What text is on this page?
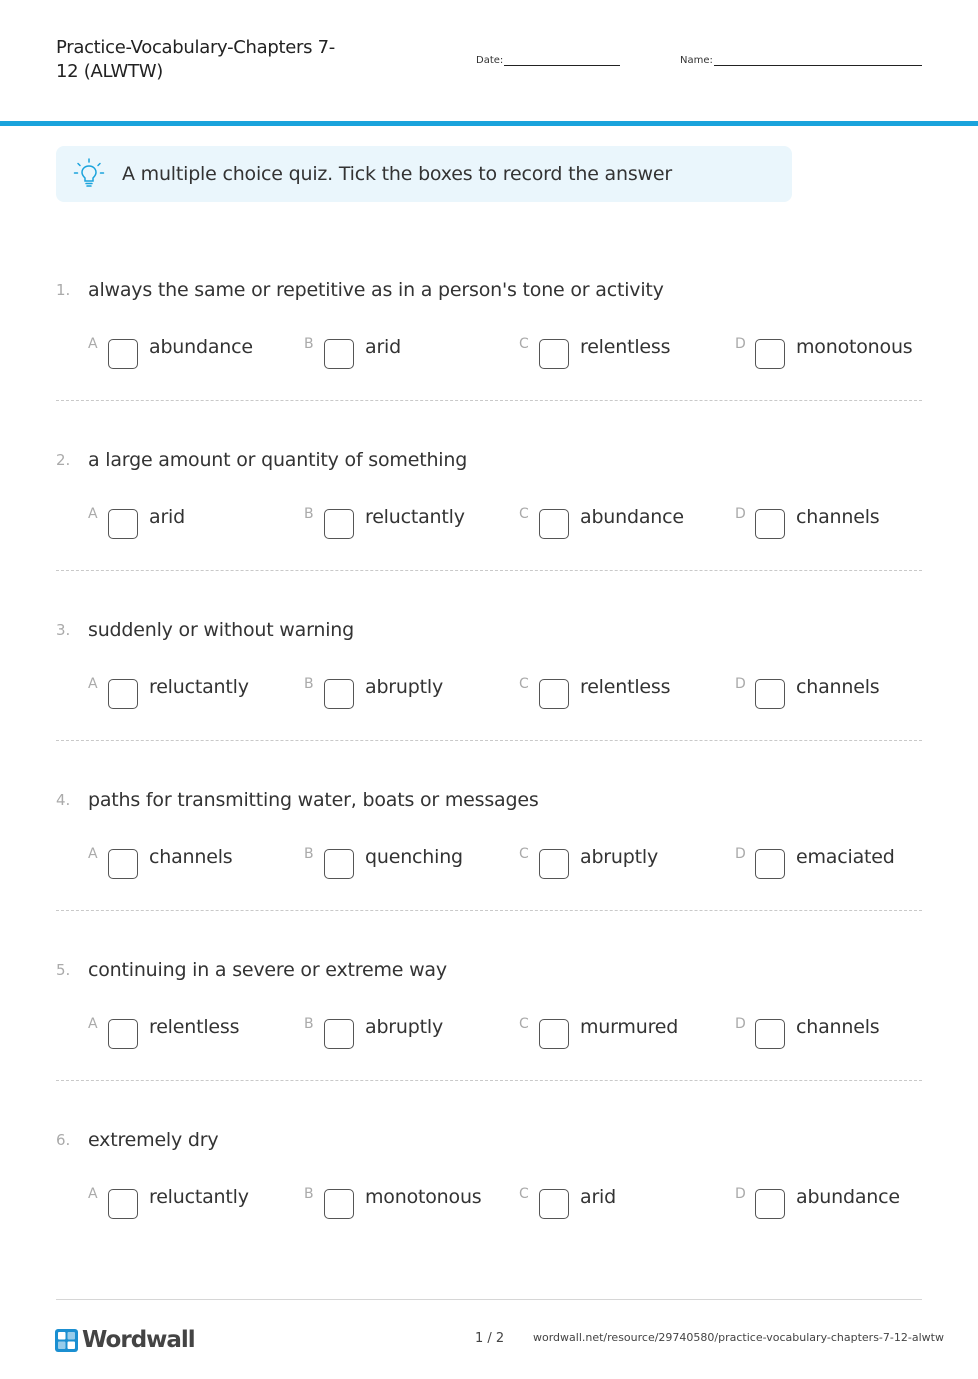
Practice-Vocabulary-Chapters 7-12 (ALWTW)
Date:	Name:
A multiple choice quiz. Tick the boxes to record the answer
1. always the same or repetitive as in a person's tone or activity
A	abundance	B	arid	C	relentless	D	monotonous
2. a large amount or quantity of something
A	arid	B	reluctantly	C	abundance	D	channels
3. suddenly or without warning
A	reluctantly	B	abruptly	C	relentless	D	channels
4. paths for transmitting water, boats or messages
A	channels	B	quenching	C	abruptly	D	emaciated
5. continuing in a severe or extreme way
A	relentless	B	abruptly	C	murmured	D	channels
6. extremely dry
A	reluctantly	B	monotonous	C	arid	D	abundance
Wordwall	1 / 2	wordwall.net/resource/29740580/practice-vocabulary-chapters-7-12-alwtw
